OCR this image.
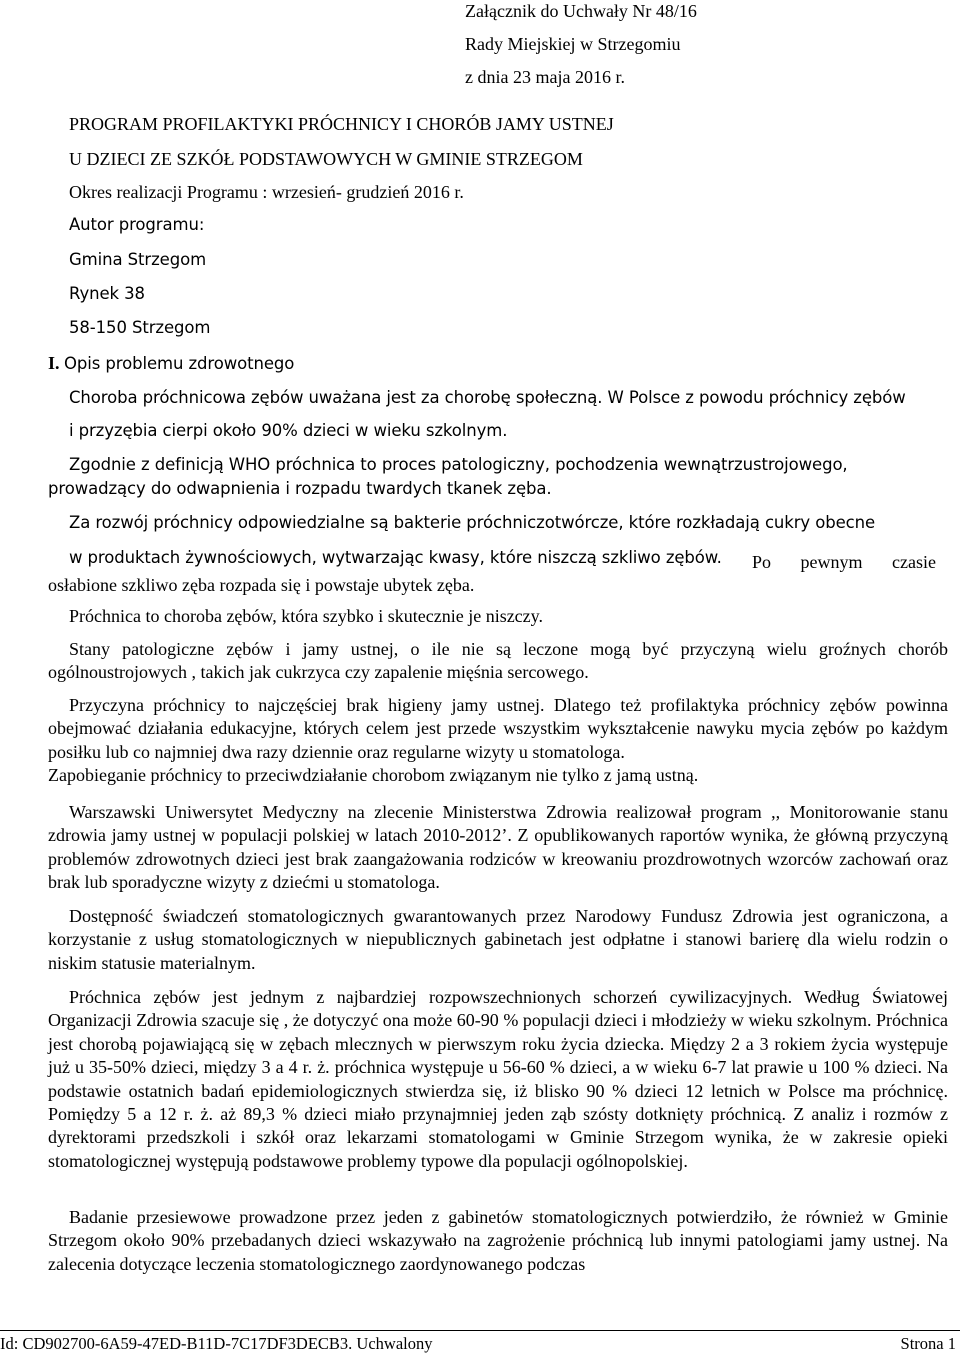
Załącznik do Uchwały Nr 48/16
Rady Miejskiej w Strzegomiu
z dnia 23 maja 2016 r.
PROGRAM PROFILAKTYKI PRÓCHNICY I CHORÓB JAMY USTNEJ
U DZIECI ZE SZKÓŁ PODSTAWOWYCH W GMINIE STRZEGOM
Okres realizacji Programu : wrzesień- grudzień 2016 r.
Autor programu:
Gmina Strzegom
Rynek 38
58-150 Strzegom
I. Opis problemu zdrowotnego
Choroba próchnicowa zębów uważana jest za chorobę społeczną. W Polsce z powodu próchnicy zębów
i przyzębia cierpi około 90% dzieci w wieku szkolnym.
Zgodnie z definicją WHO próchnica to proces patologiczny, pochodzenia wewnątrzustrojowego,
prowadzący do odwapnienia i rozpadu twardych tkanek zęba.
Za rozwój próchnicy odpowiedzialne są bakterie próchniczotwórcze, które rozkładają cukry obecne
w produktach żywnościowych, wytwarzając kwasy, które niszczą szkliwo zębów.	Po pewnym czasie osłabione szkliwo zęba rozpada się i powstaje ubytek zęba.
Próchnica to choroba zębów, która szybko i skutecznie je niszczy.
Stany patologiczne zębów i jamy ustnej, o ile nie są leczone mogą być przyczyną wielu groźnych chorób ogólnoustrojowych , takich jak cukrzyca czy zapalenie mięśnia sercowego.
Przyczyna próchnicy to najczęściej brak higieny jamy ustnej. Dlatego też profilaktyka próchnicy zębów powinna obejmować działania edukacyjne, których celem jest przede wszystkim wykształcenie nawyku mycia zębów po każdym posiłku lub co najmniej dwa razy dziennie oraz regularne wizyty u stomatologa.
Zapobieganie próchnicy to przeciwdziałanie chorobom związanym nie tylko z jamą ustną.
Warszawski Uniwersytet Medyczny na zlecenie Ministerstwa Zdrowia realizował program ,, Monitorowanie stanu zdrowia jamy ustnej w populacji polskiej w latach 2010-2012’. Z opublikowanych raportów wynika, że główną przyczyną problemów zdrowotnych dzieci jest brak zaangażowania rodziców w kreowaniu prozdrowotnych wzorców zachowań oraz brak lub sporadyczne wizyty z dziećmi u stomatologa.
Dostępność świadczeń stomatologicznych gwarantowanych przez Narodowy Fundusz Zdrowia jest ograniczona, a korzystanie z usług stomatologicznych w niepublicznych gabinetach jest odpłatne i stanowi barierę dla wielu rodzin o niskim statusie materialnym.
Próchnica zębów jest jednym z najbardziej rozpowszechnionych schorzeń cywilizacyjnych. Według Światowej Organizacji Zdrowia szacuje się , że dotyczyć ona może 60-90 % populacji dzieci i młodzieży w wieku szkolnym. Próchnica jest chorobą pojawiającą się w zębach mlecznych w pierwszym roku życia dziecka. Między 2 a 3 rokiem życia występuje już u 35-50% dzieci, między 3 a 4 r. ż. próchnica występuje u 56-60 % dzieci, a w wieku 6-7 lat prawie u 100 % dzieci. Na podstawie ostatnich badań epidemiologicznych stwierdza się, iż blisko 90 % dzieci 12 letnich w Polsce ma próchnicę. Pomiędzy 5 a 12 r. ż. aż 89,3 % dzieci miało przynajmniej jeden ząb szósty dotknięty próchnicą. Z analiz i rozmów z dyrektorami przedszkoli i szkół oraz lekarzami stomatologami w Gminie Strzegom wynika, że w zakresie opieki stomatologicznej występują podstawowe problemy typowe dla populacji ogólnopolskiej.
Badanie przesiewowe prowadzone przez jeden z gabinetów stomatologicznych potwierdziło, że również w Gminie Strzegom około 90% przebadanych dzieci wskazywało na zagrożenie próchnicą lub innymi patologiami jamy ustnej. Na zalecenia dotyczące leczenia stomatologicznego zaordynowanego podczas
Id: CD902700-6A59-47ED-B11D-7C17DF3DECB3. Uchwalony	Strona 1
